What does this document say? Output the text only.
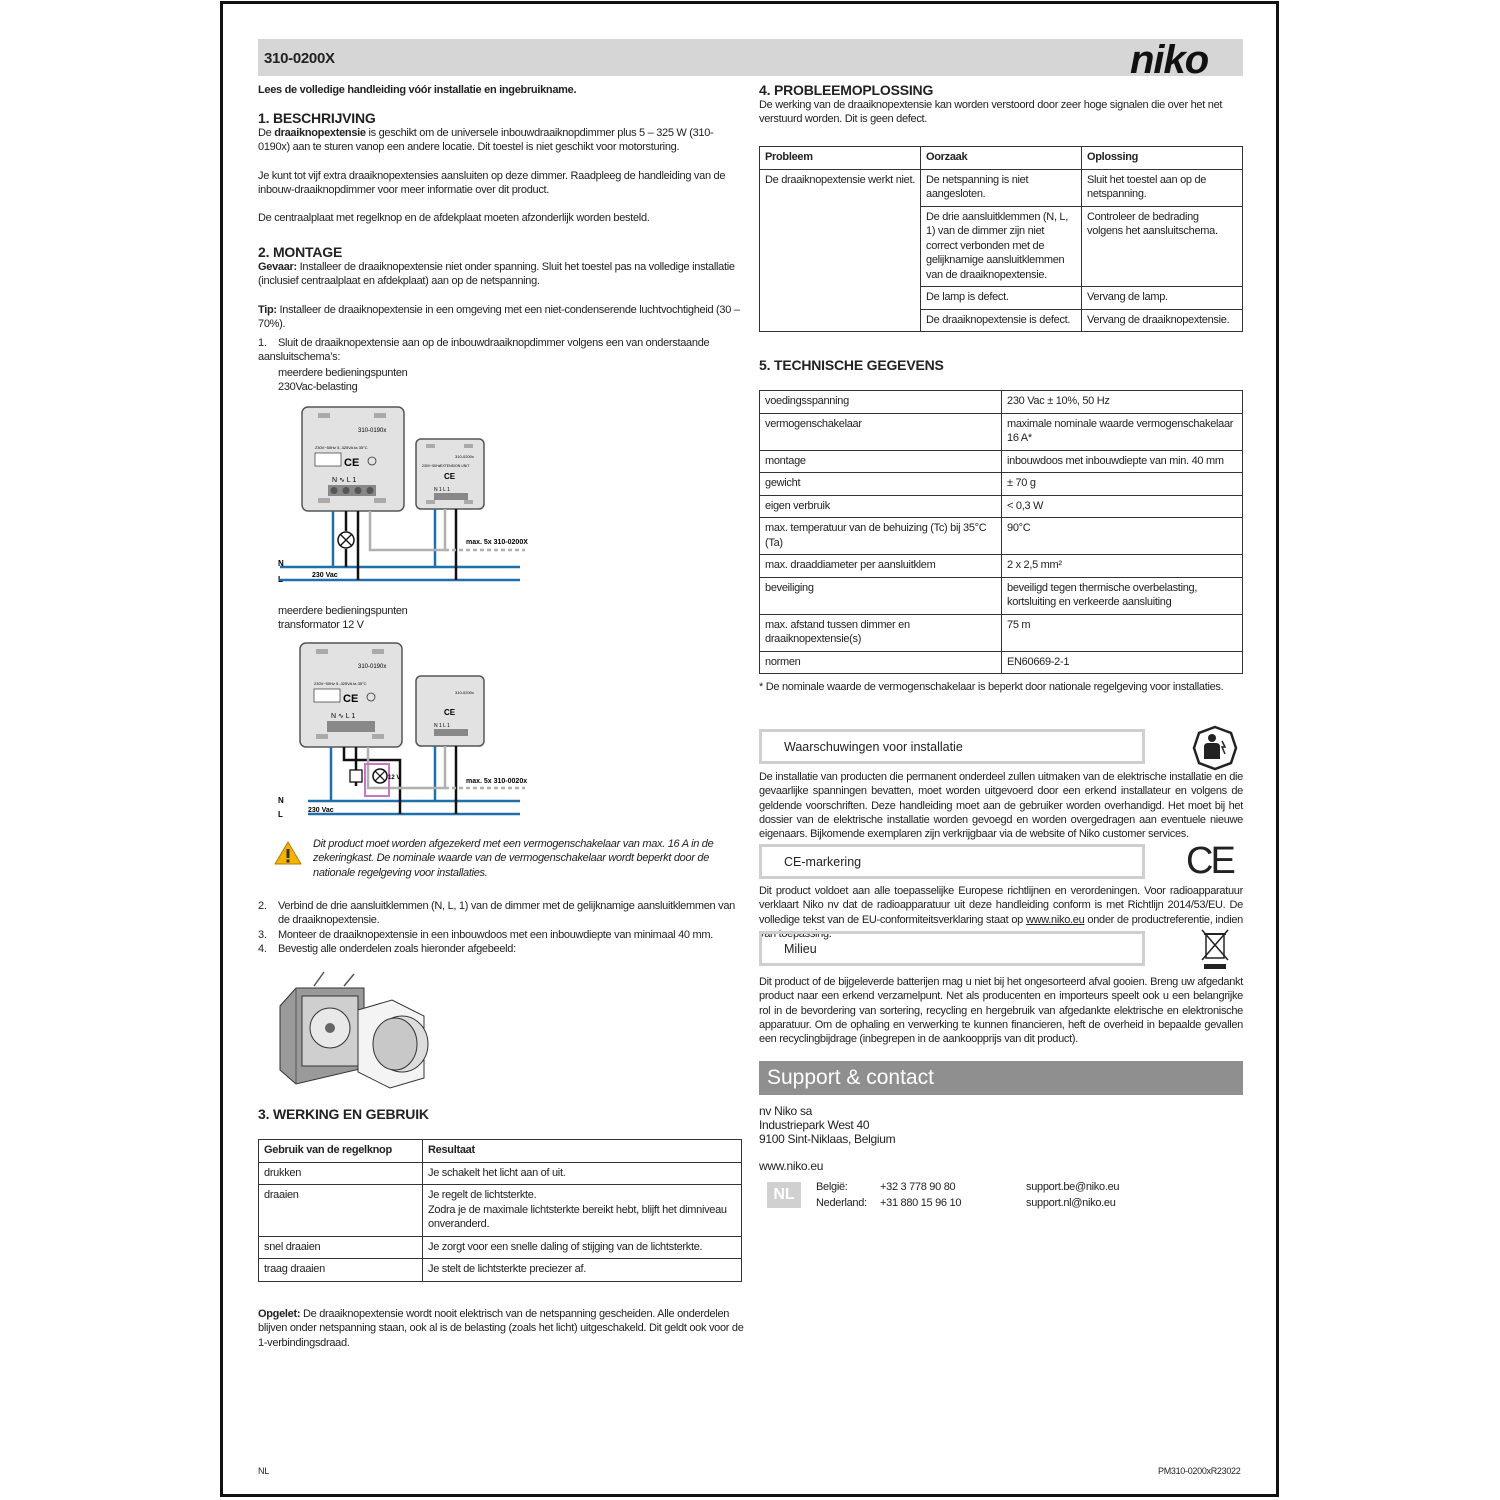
310-0200X	niko
Lees de volledige handleiding vóór installatie en ingebruikname.
1. BESCHRIJVING

De draaiknopextensie is geschikt om de universele inbouwdraaiknopdimmer plus 5 – 325 W (310-0190x) aan te sturen vanop een andere locatie. Dit toestel is niet geschikt voor motorsturing.

Je kunt tot vijf extra draaiknopextensies aansluiten op deze dimmer. Raadpleeg de handleiding van de inbouw-draaiknopdimmer voor meer informatie over dit product.

De centraalplaat met regelknop en de afdekplaat moeten afzonderlijk worden besteld.

2. MONTAGE

Gevaar: Installeer de draaiknopextensie niet onder spanning. Sluit het toestel pas na volledige installatie (inclusief centraalplaat en afdekplaat) aan op de netspanning.

Tip: Installeer de draaiknopextensie in een omgeving met een niet-condenserende luchtvochtigheid (30 – 70%).

1. Sluit de draaiknopextensie aan op de inbouwdraaiknopdimmer volgens een van onderstaande aansluitschema’s:
meerdere bedieningspunten
230Vac-belasting
310-0190x
230V~50Hz 5..325VA ta 35°C
CE
N ∿ L 1
310-0200x
230V~50Hz EXTENSION UNIT
CE
N 1 L 1
max. 5x 310-0200X
N
L	230 Vac
meerdere bedieningspunten
transformator 12 V
310-0190x
230V~50Hz 5..325VA ta 35°C
CE
N ∿ L 1
310-0200x
CE
N 1 L 1
12 V	max. 5x 310-0020x
N
L	230 Vac
Dit product moet worden afgezekerd met een vermogenschakelaar van max. 16 A in de zekeringkast. De nominale waarde van de vermogenschakelaar wordt beperkt door de nationale regelgeving voor installaties.
2.	Verbind de drie aansluitklemmen (N, L, 1) van de dimmer met de gelijknamige aansluitklemmen van de draaiknopextensie.
3.	Monteer de draaiknopextensie in een inbouwdoos met een inbouwdiepte van minimaal 40 mm.
4.	Bevestig alle onderdelen zoals hieronder afgebeeld:
3. WERKING EN GEBRUIK
Gebruik van de regelknop	Resultaat
drukken	Je schakelt het licht aan of uit.
draaien	Je regelt de lichtsterkte.
Zodra je de maximale lichtsterkte bereikt hebt, blijft het dimniveau onveranderd.
snel draaien	Je zorgt voor een snelle daling of stijging van de lichtsterkte.
traag draaien	Je stelt de lichtsterkte preciezer af.

Opgelet: De draaiknopextensie wordt nooit elektrisch van de netspanning gescheiden. Alle onderdelen blijven onder netspanning staan, ook al is de belasting (zoals het licht) uitgeschakeld. Dit geldt ook voor de 1-verbindingsdraad.

4. PROBLEEMOPLOSSING

De werking van de draaiknopextensie kan worden verstoord door zeer hoge signalen die over het net verstuurd worden. Dit is geen defect.

Probleem	Oorzaak	Oplossing
De draaiknopextensie werkt niet.	De netspanning is niet aangesloten.	Sluit het toestel aan op de netspanning.
	De drie aansluitklemmen (N, L, 1) van de dimmer zijn niet correct verbonden met de gelijknamige aansluitklemmen van de draaiknopextensie.	Controleer de bedrading volgens het aansluitschema.
	De lamp is defect.	Vervang de lamp.
	De draaiknopextensie is defect.	Vervang de draaiknopextensie.
5. TECHNISCHE GEGEVENS
voedingsspanning	230 Vac ± 10%, 50 Hz
vermogenschakelaar	maximale nominale waarde vermogenschakelaar 16 A*
montage	inbouwdoos met inbouwdiepte van min. 40 mm
gewicht	± 70 g
eigen verbruik	< 0,3 W
max. temperatuur van de behuizing (Tc) bij 35°C (Ta)	90°C
max. draaddiameter per aansluitklem	2 x 2,5 mm²
beveiliging	beveiligd tegen thermische overbelasting, kortsluiting en verkeerde aansluiting
max. afstand tussen dimmer en draaiknopextensie(s)	75 m
normen	EN60669-2-1
* De nominale waarde de vermogenschakelaar is beperkt door nationale regelgeving voor installaties.
Waarschuwingen voor installatie

De installatie van producten die permanent onderdeel zullen uitmaken van de elektrische installatie en die gevaarlijke spanningen bevatten, moet worden uitgevoerd door een erkend installateur en volgens de geldende voorschriften. Deze handleiding moet aan de gebruiker worden overhandigd. Het moet bij het dossier van de elektrische installatie worden gevoegd en worden overgedragen aan eventuele nieuwe eigenaars. Bijkomende exemplaren zijn verkrijgbaar via de website of Niko customer services.

CE-markering	CE

Dit product voldoet aan alle toepasselijke Europese richtlijnen en verordeningen. Voor radioapparatuur verklaart Niko nv dat de radioapparatuur uit deze handleiding conform is met Richtlijn 2014/53/EU. De volledige tekst van de EU-conformiteitsverklaring staat op www.niko.eu onder de productreferentie, indien van toepassing.

Milieu

Dit product of de bijgeleverde batterijen mag u niet bij het ongesorteerd afval gooien. Breng uw afgedankt product naar een erkend verzamelpunt. Net als producenten en importeurs speelt ook u een belangrijke rol in de bevordering van sortering, recycling en hergebruik van afgedankte elektrische en elektronische apparatuur. Om de ophaling en verwerking te kunnen financieren, heft de overheid in bepaalde gevallen een recyclingbijdrage (inbegrepen in de aankoopprijs van dit product).

Support & contact
nv Niko sa
Industriepark West 40
9100 Sint-Niklaas, Belgium
www.niko.eu
NL	België:	+32 3 778 90 80	support.be@niko.eu
Nederland:	+31 880 15 96 10	support.nl@niko.eu
NL	PM310-0200xR23022
